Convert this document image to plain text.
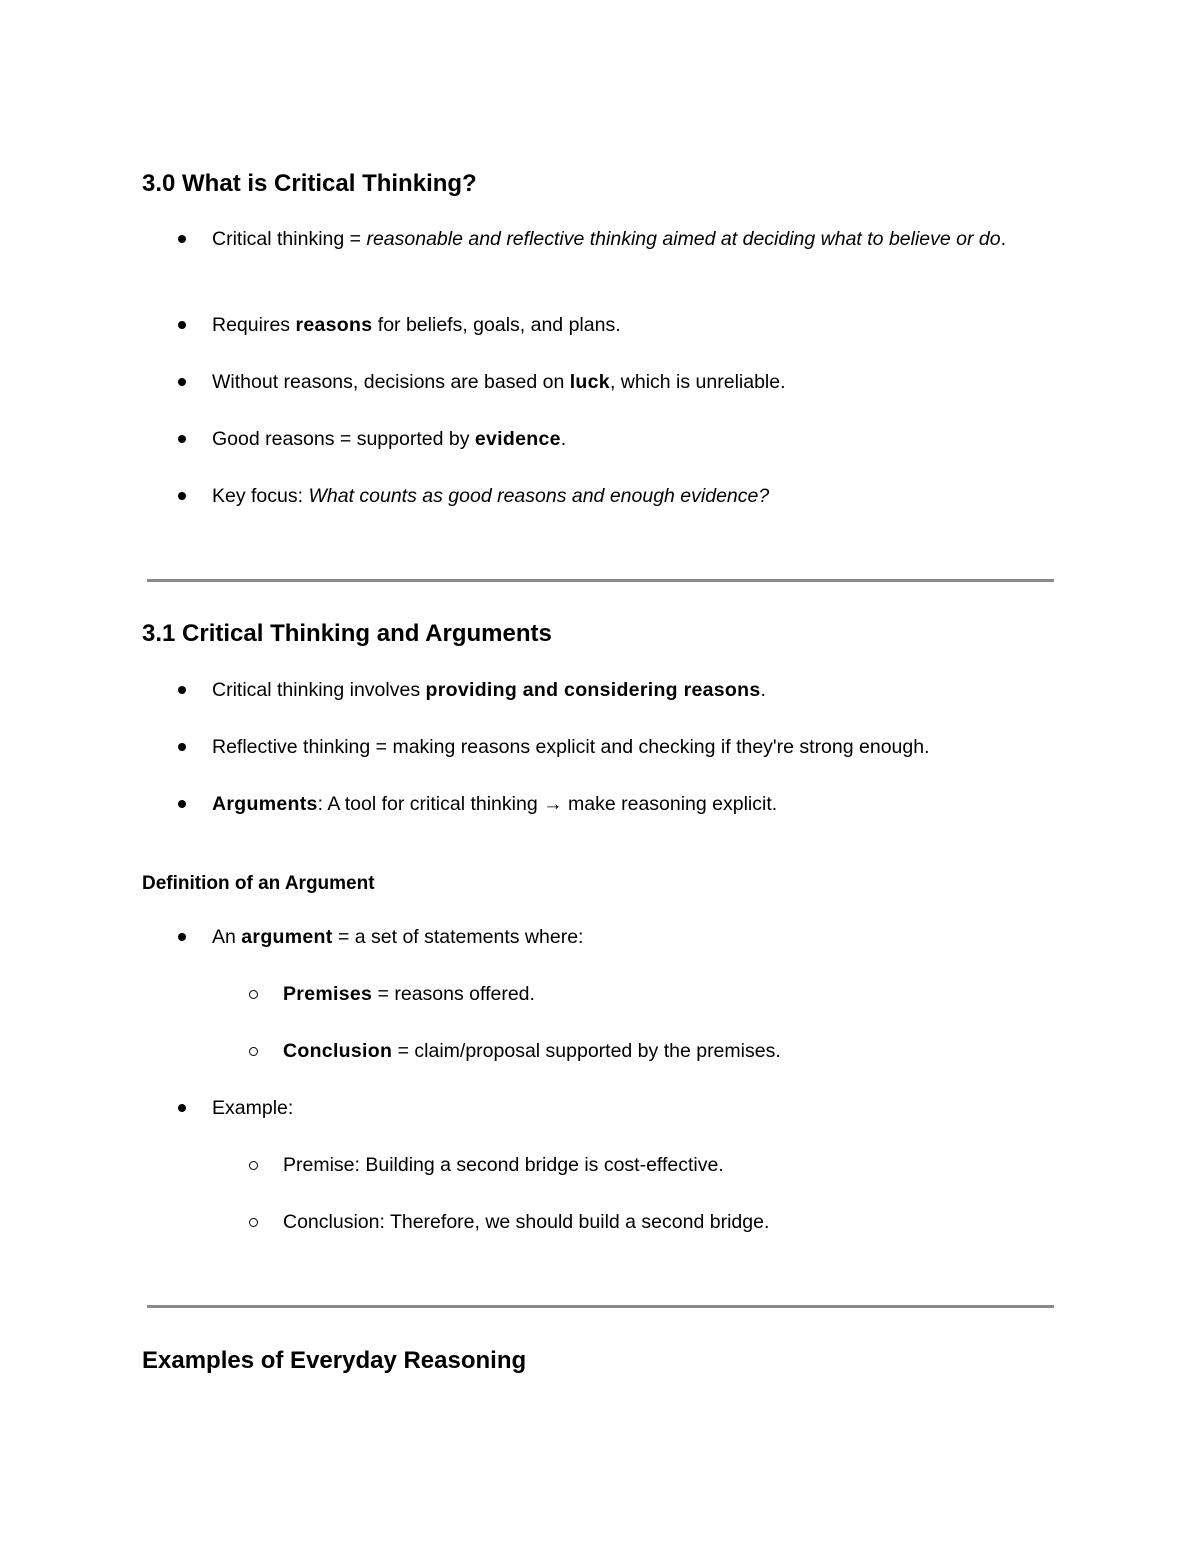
3.0 What is Critical Thinking?
Critical thinking = reasonable and reflective thinking aimed at deciding what to believe or do.
Requires reasons for beliefs, goals, and plans.
Without reasons, decisions are based on luck, which is unreliable.
Good reasons = supported by evidence.
Key focus: What counts as good reasons and enough evidence?
3.1 Critical Thinking and Arguments
Critical thinking involves providing and considering reasons.
Reflective thinking = making reasons explicit and checking if they're strong enough.
Arguments: A tool for critical thinking → make reasoning explicit.
Definition of an Argument
An argument = a set of statements where:
Premises = reasons offered.
Conclusion = claim/proposal supported by the premises.
Example:
Premise: Building a second bridge is cost-effective.
Conclusion: Therefore, we should build a second bridge.
Examples of Everyday Reasoning
